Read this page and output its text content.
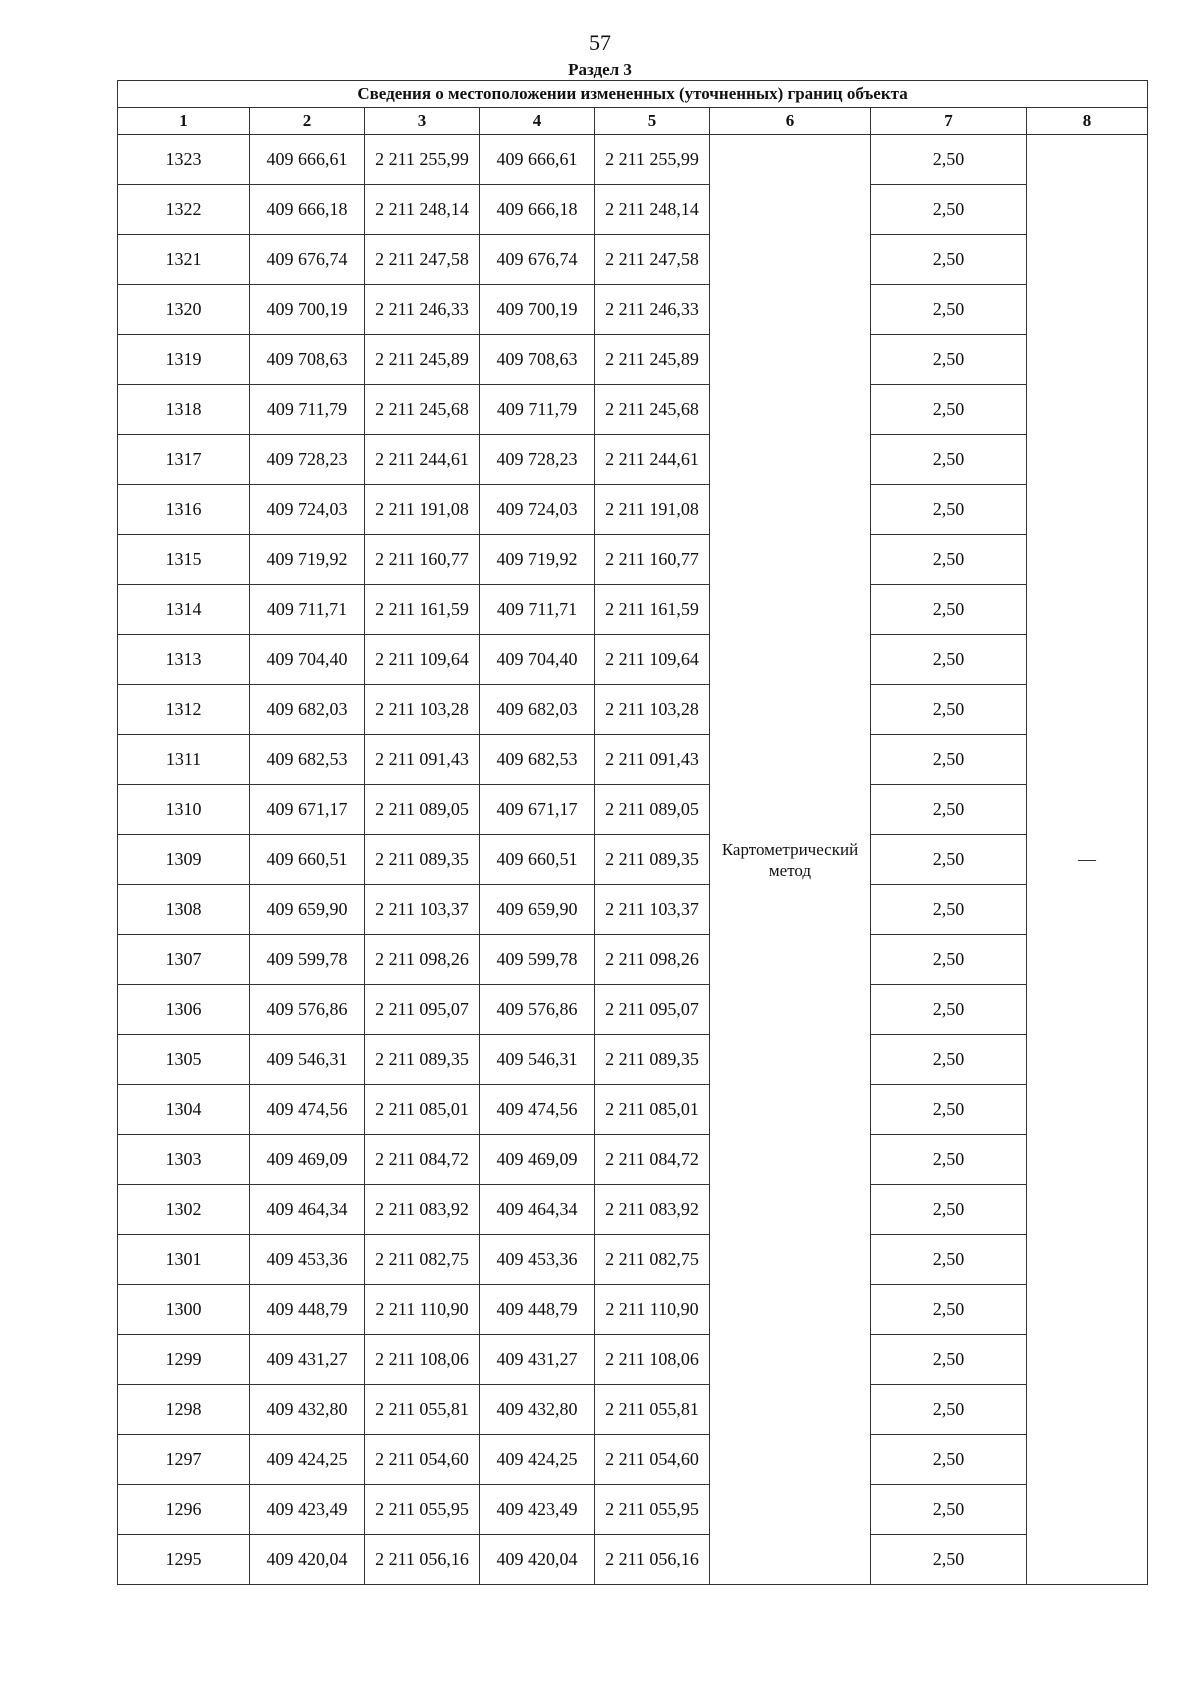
57
Раздел 3
Сведения о местоположении измененных (уточненных) границ объекта							
1	2	3	4	5	6	7	8
1323	409 666,61	2 211 255,99	409 666,61	2 211 255,99	Картометрический метод	2,50	—
1322	409 666,18	2 211 248,14	409 666,18	2 211 248,14		2,50	
1321	409 676,74	2 211 247,58	409 676,74	2 211 247,58		2,50	
1320	409 700,19	2 211 246,33	409 700,19	2 211 246,33		2,50	
1319	409 708,63	2 211 245,89	409 708,63	2 211 245,89		2,50	
1318	409 711,79	2 211 245,68	409 711,79	2 211 245,68		2,50	
1317	409 728,23	2 211 244,61	409 728,23	2 211 244,61		2,50	
1316	409 724,03	2 211 191,08	409 724,03	2 211 191,08		2,50	
1315	409 719,92	2 211 160,77	409 719,92	2 211 160,77		2,50	
1314	409 711,71	2 211 161,59	409 711,71	2 211 161,59		2,50	
1313	409 704,40	2 211 109,64	409 704,40	2 211 109,64		2,50	
1312	409 682,03	2 211 103,28	409 682,03	2 211 103,28		2,50	
1311	409 682,53	2 211 091,43	409 682,53	2 211 091,43		2,50	
1310	409 671,17	2 211 089,05	409 671,17	2 211 089,05		2,50	
1309	409 660,51	2 211 089,35	409 660,51	2 211 089,35		2,50	
1308	409 659,90	2 211 103,37	409 659,90	2 211 103,37		2,50	
1307	409 599,78	2 211 098,26	409 599,78	2 211 098,26		2,50	
1306	409 576,86	2 211 095,07	409 576,86	2 211 095,07		2,50	
1305	409 546,31	2 211 089,35	409 546,31	2 211 089,35		2,50	
1304	409 474,56	2 211 085,01	409 474,56	2 211 085,01		2,50	
1303	409 469,09	2 211 084,72	409 469,09	2 211 084,72		2,50	
1302	409 464,34	2 211 083,92	409 464,34	2 211 083,92		2,50	
1301	409 453,36	2 211 082,75	409 453,36	2 211 082,75		2,50	
1300	409 448,79	2 211 110,90	409 448,79	2 211 110,90		2,50	
1299	409 431,27	2 211 108,06	409 431,27	2 211 108,06		2,50	
1298	409 432,80	2 211 055,81	409 432,80	2 211 055,81		2,50	
1297	409 424,25	2 211 054,60	409 424,25	2 211 054,60		2,50	
1296	409 423,49	2 211 055,95	409 423,49	2 211 055,95		2,50	
1295	409 420,04	2 211 056,16	409 420,04	2 211 056,16		2,50	
